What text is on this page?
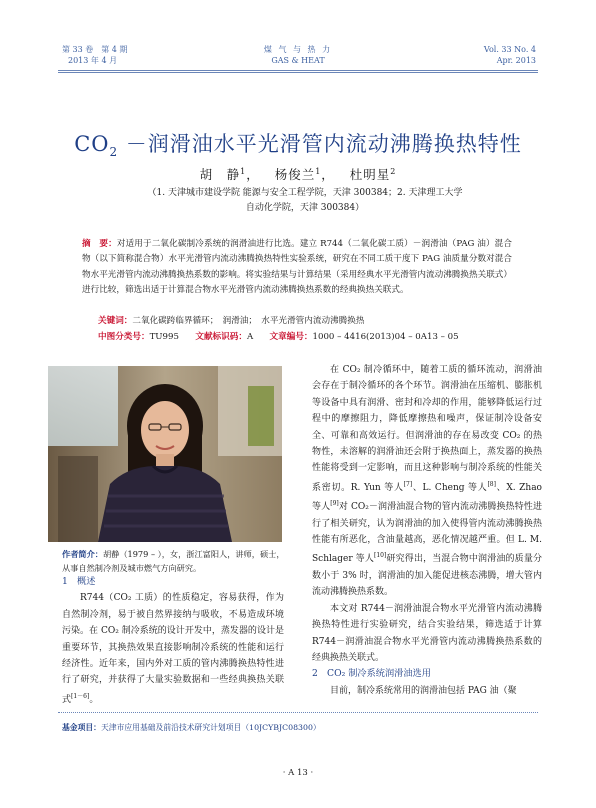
第 33 卷　第 4 期
2013 年 4 月
煤 气 与 热 力
GAS & HEAT
Vol. 33 No. 4
Apr. 2013
$CO_2$ －润滑油水平光滑管内流动沸腾换热特性
胡　静$^1$， 杨俊兰$^1$， 杜明星$^2$
（1. 天津城市建设学院 能源与安全工程学院，天津 300384；2. 天津理工大学
自动化学院，天津 300384）
摘　要：对适用于二氧化碳制冷系统的润滑油进行比选。建立 R744（二氧化碳工质）－润滑油（PAG 油）混合物（以下简称混合物）水平光滑管内流动沸腾换热特性实验系统，研究在不同工质干度下 PAG 油质量分数对混合物水平光滑管内流动沸腾换热系数的影响。将实验结果与计算结果（采用经典水平光滑管内流动沸腾换热关联式）进行比较，筛选出适于计算混合物水平光滑管内流动沸腾换热系数的经典换热关联式。
关键词：二氧化碳跨临界循环；　润滑油；　水平光滑管内流动沸腾换热
中图分类号：TU995 文献标识码：A 文章编号：1000 – 4416(2013)04 – 0A13 – 05
作者简介：胡静（1979 – ），女，浙江富阳人，讲师，硕士，从事自然制冷剂及城市燃气方向研究。
1　概述
R744（CO₂ 工质）的性质稳定，容易获得，作为自然制冷剂，易于被自然界接纳与吸收，不易造成环境污染。在 CO₂ 制冷系统的设计开发中，蒸发器的设计是重要环节，其换热效果直接影响制冷系统的性能和运行经济性。近年来，国内外对工质的管内沸腾换热特性进行了研究，并获得了大量实验数据和一些经典换热关联式[1－6]。
在 CO₂ 制冷循环中，随着工质的循环流动，润滑油会存在于制冷循环的各个环节。润滑油在压缩机、膨胀机等设备中具有润滑、密封和冷却的作用，能够降低运行过程中的摩擦阻力，降低摩擦热和噪声，保证制冷设备安全、可靠和高效运行。但润滑油的存在易改变 CO₂ 的热物性，未溶解的润滑油还会附于换热面上，蒸发器的换热性能将受到一定影响，而且这种影响与制冷系统的性能关系密切。R. Yun 等人[7]、L. Cheng 等人[8]、X. Zhao 等人[9]对 CO₂－润滑油混合物的管内流动沸腾换热特性进行了相关研究，认为润滑油的加入使得管内流动沸腾换热性能有所恶化，含油量越高，恶化情况越严重。但 L. M. Schlager 等人[10]研究得出，当混合物中润滑油的质量分数小于 3% 时，润滑油的加入能促进核态沸腾，增大管内流动沸腾换热系数。
本文对 R744－润滑油混合物水平光滑管内流动沸腾换热特性进行实验研究，结合实验结果，筛选适于计算 R744－润滑油混合物水平光滑管内流动沸腾换热系数的经典换热关联式。
2　CO₂ 制冷系统润滑油选用
目前，制冷系统常用的润滑油包括 PAG 油（聚
基金项目：天津市应用基础及前沿技术研究计划项目（10JCYBJC08300）
· A 13 ·
